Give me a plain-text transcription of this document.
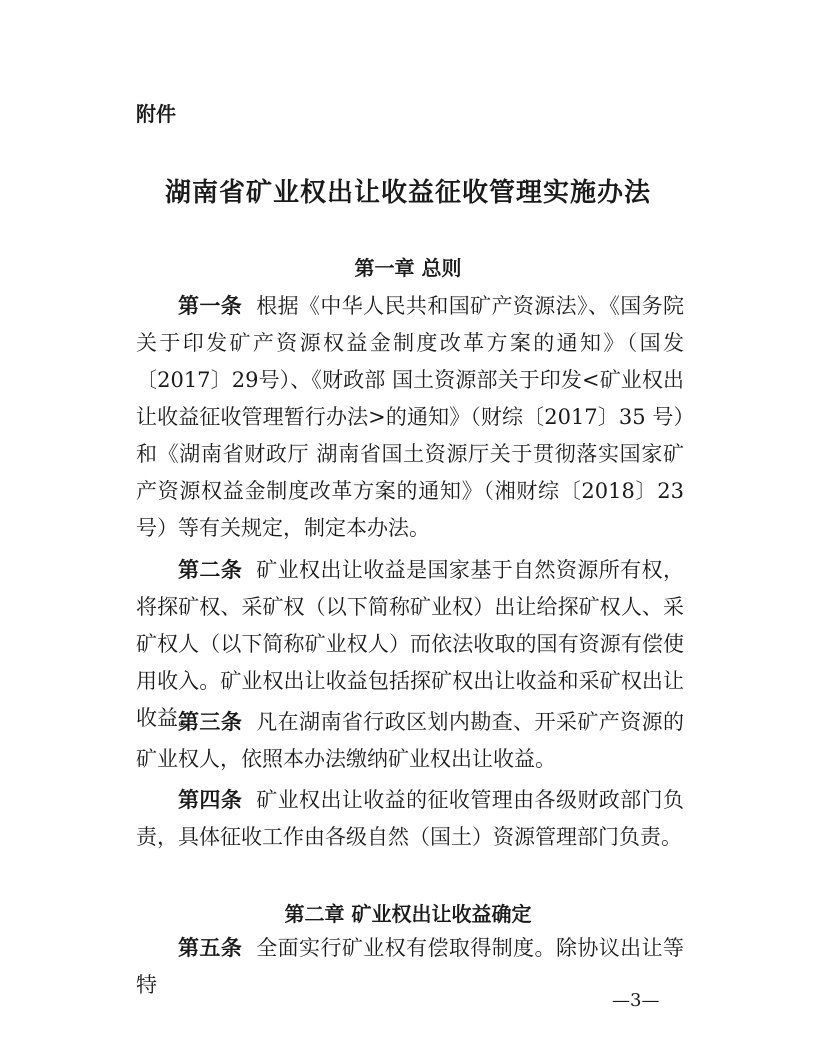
附件
湖南省矿业权出让收益征收管理实施办法
第一章 总则

第一条 根据《中华人民共和国矿产资源法》、《国务院关于印发矿产资源权益金制度改革方案的通知》（国发〔2017〕29号）、《财政部 国土资源部关于印发<矿业权出让收益征收管理暂行办法>的通知》（财综〔2017〕35 号）和《湖南省财政厅 湖南省国土资源厅关于贯彻落实国家矿产资源权益金制度改革方案的通知》（湘财综〔2018〕23 号）等有关规定，制定本办法。

第二条 矿业权出让收益是国家基于自然资源所有权，将探矿权、采矿权（以下简称矿业权）出让给探矿权人、采矿权人（以下简称矿业权人）而依法收取的国有资源有偿使用收入。矿业权出让收益包括探矿权出让收益和采矿权出让收益。

第三条 凡在湖南省行政区划内勘查、开采矿产资源的矿业权人，依照本办法缴纳矿业权出让收益。

第四条 矿业权出让收益的征收管理由各级财政部门负责，具体征收工作由各级自然（国土）资源管理部门负责。

第二章 矿业权出让收益确定

第五条 全面实行矿业权有偿取得制度。除协议出让等特

—3—
